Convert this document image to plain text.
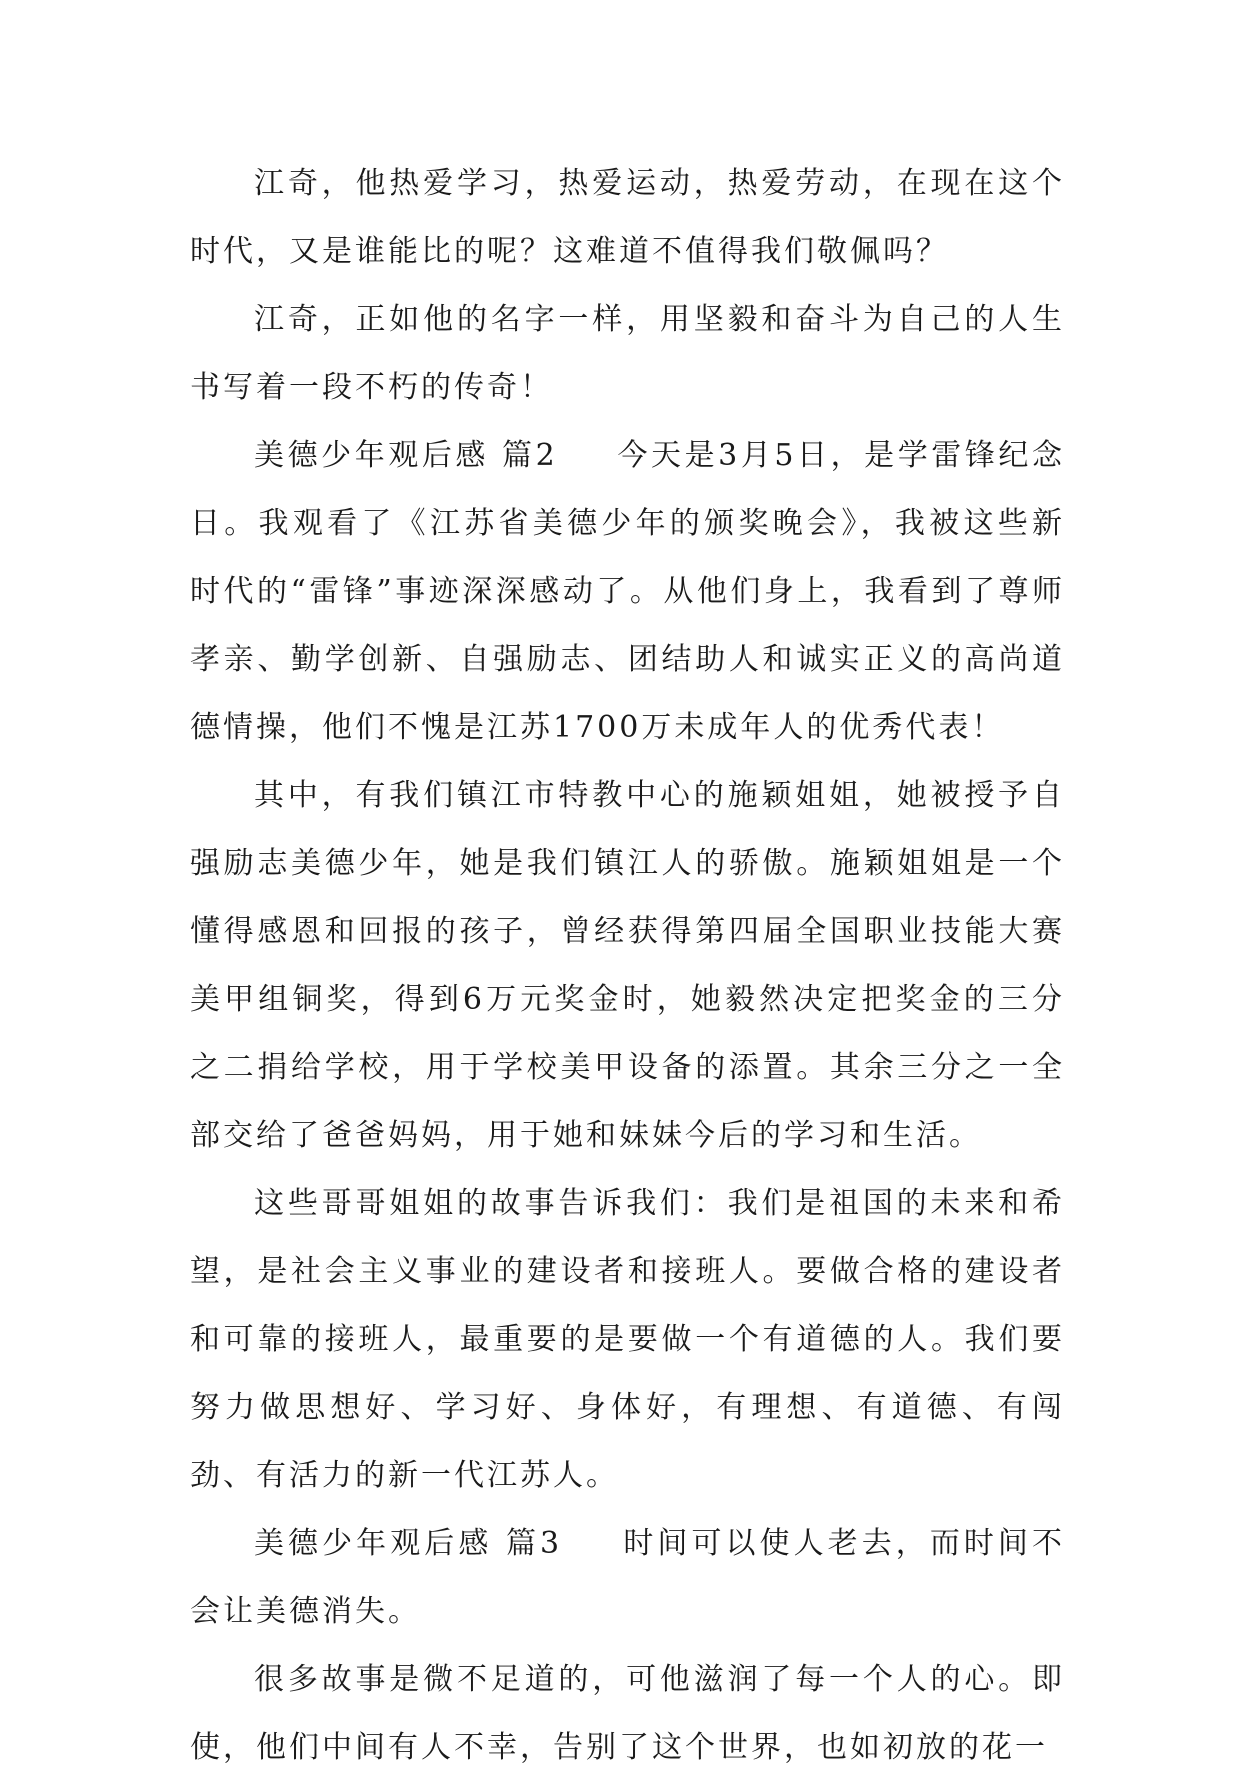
江奇，他热爱学习，热爱运动，热爱劳动，在现在这个时代，又是谁能比的呢？这难道不值得我们敬佩吗？

江奇，正如他的名字一样，用坚毅和奋斗为自己的人生书写着一段不朽的传奇！

美德少年观后感 篇2 　 今天是3月5日，是学雷锋纪念日。我观看了《江苏省美德少年的颁奖晚会》，我被这些新时代的“雷锋”事迹深深感动了。从他们身上，我看到了尊师孝亲、勤学创新、自强励志、团结助人和诚实正义的高尚道德情操，他们不愧是江苏1700万未成年人的优秀代表！

其中，有我们镇江市特教中心的施颖姐姐，她被授予自强励志美德少年，她是我们镇江人的骄傲。施颖姐姐是一个懂得感恩和回报的孩子，曾经获得第四届全国职业技能大赛美甲组铜奖，得到6万元奖金时，她毅然决定把奖金的三分之二捐给学校，用于学校美甲设备的添置。其余三分之一全部交给了爸爸妈妈，用于她和妹妹今后的学习和生活。

这些哥哥姐姐的故事告诉我们：我们是祖国的未来和希望，是社会主义事业的建设者和接班人。要做合格的建设者和可靠的接班人，最重要的是要做一个有道德的人。我们要努力做思想好、学习好、身体好，有理想、有道德、有闯劲、有活力的新一代江苏人。

美德少年观后感 篇3 　 时间可以使人老去，而时间不会让美德消失。

很多故事是微不足道的，可他滋润了每一个人的心。即使，他们中间有人不幸，告别了这个世界，也如初放的花一
